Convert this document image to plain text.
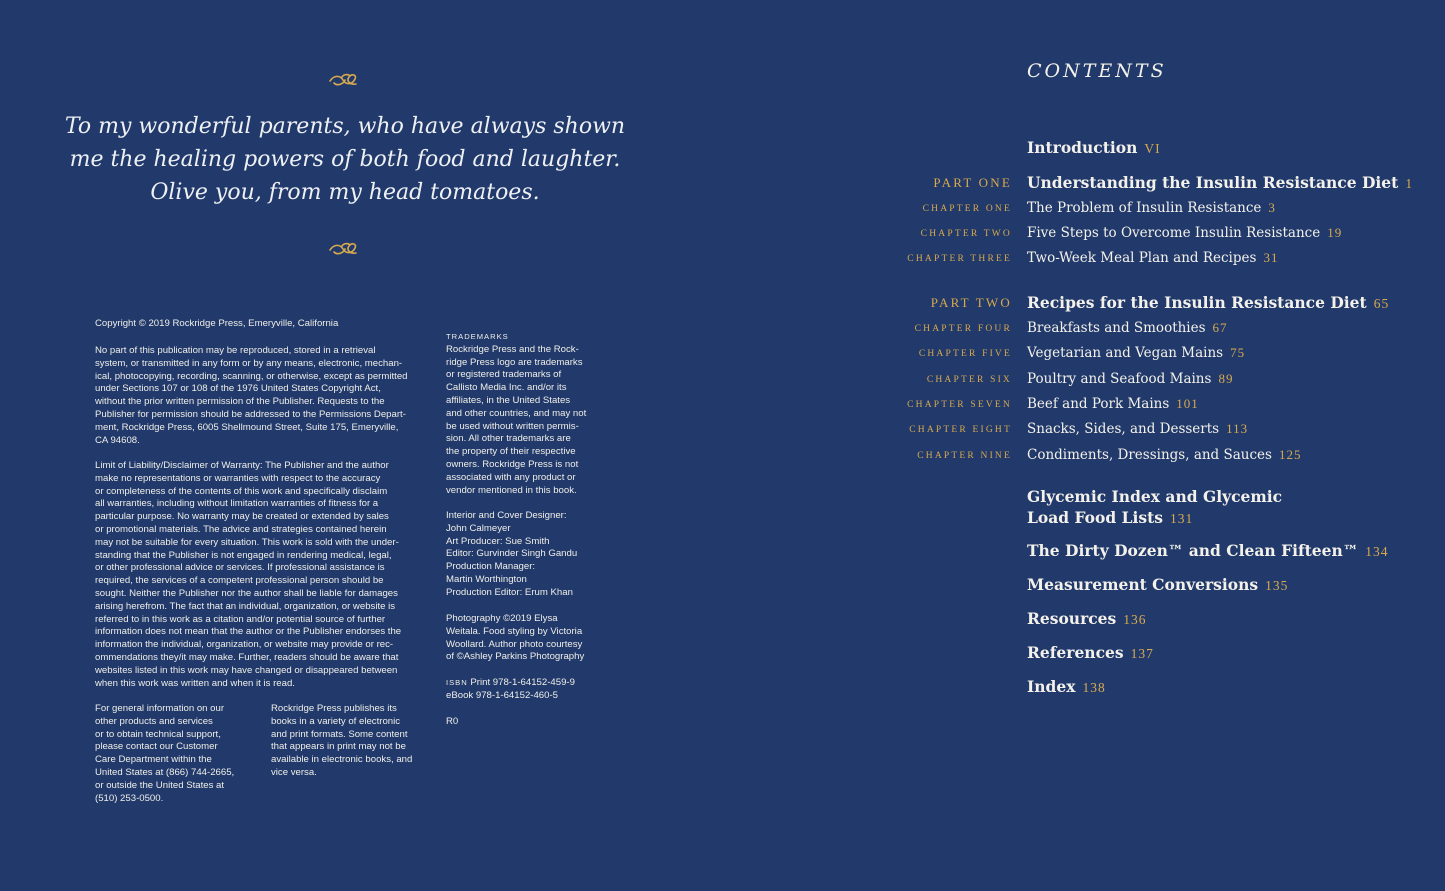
To my wonderful parents, who have always shown
me the healing powers of both food and laughter.
Olive you, from my head tomatoes.
Copyright © 2019 Rockridge Press, Emeryville, California
No part of this publication may be reproduced, stored in a retrieval
system, or transmitted in any form or by any means, electronic, mechan-
ical, photocopying, recording, scanning, or otherwise, except as permitted
under Sections 107 or 108 of the 1976 United States Copyright Act,
without the prior written permission of the Publisher. Requests to the
Publisher for permission should be addressed to the Permissions Depart-
ment, Rockridge Press, 6005 Shellmound Street, Suite 175, Emeryville,
CA 94608.
Limit of Liability/Disclaimer of Warranty: The Publisher and the author
make no representations or warranties with respect to the accuracy
or completeness of the contents of this work and specifically disclaim
all warranties, including without limitation warranties of fitness for a
particular purpose. No warranty may be created or extended by sales
or promotional materials. The advice and strategies contained herein
may not be suitable for every situation. This work is sold with the under-
standing that the Publisher is not engaged in rendering medical, legal,
or other professional advice or services. If professional assistance is
required, the services of a competent professional person should be
sought. Neither the Publisher nor the author shall be liable for damages
arising herefrom. The fact that an individual, organization, or website is
referred to in this work as a citation and/or potential source of further
information does not mean that the author or the Publisher endorses the
information the individual, organization, or website may provide or rec-
ommendations they/it may make. Further, readers should be aware that
websites listed in this work may have changed or disappeared between
when this work was written and when it is read.
For general information on our
other products and services
or to obtain technical support,
please contact our Customer
Care Department within the
United States at (866) 744-2665,
or outside the United States at
(510) 253-0500.
Rockridge Press publishes its
books in a variety of electronic
and print formats. Some content
that appears in print may not be
available in electronic books, and
vice versa.
TRADEMARKS
Rockridge Press and the Rock-
ridge Press logo are trademarks
or registered trademarks of
Callisto Media Inc. and/or its
affiliates, in the United States
and other countries, and may not
be used without written permis-
sion. All other trademarks are
the property of their respective
owners. Rockridge Press is not
associated with any product or
vendor mentioned in this book.
Interior and Cover Designer:
John Calmeyer
Art Producer: Sue Smith
Editor: Gurvinder Singh Gandu
Production Manager:
Martin Worthington
Production Editor: Erum Khan
Photography ©2019 Elysa
Weitala. Food styling by Victoria
Woollard. Author photo courtesy
of ©Ashley Parkins Photography
ISBN Print 978-1-64152-459-9
eBook 978-1-64152-460-5
R0
CONTENTS
Introduction VI
PART ONE Understanding the Insulin Resistance Diet 1
CHAPTER ONE The Problem of Insulin Resistance 3
CHAPTER TWO Five Steps to Overcome Insulin Resistance 19
CHAPTER THREE Two-Week Meal Plan and Recipes 31
PART TWO Recipes for the Insulin Resistance Diet 65
CHAPTER FOUR Breakfasts and Smoothies 67
CHAPTER FIVE Vegetarian and Vegan Mains 75
CHAPTER SIX Poultry and Seafood Mains 89
CHAPTER SEVEN Beef and Pork Mains 101
CHAPTER EIGHT Snacks, Sides, and Desserts 113
CHAPTER NINE Condiments, Dressings, and Sauces 125
Glycemic Index and Glycemic
Load Food Lists 131
The Dirty Dozen™ and Clean Fifteen™ 134
Measurement Conversions 135
Resources 136
References 137
Index 138
